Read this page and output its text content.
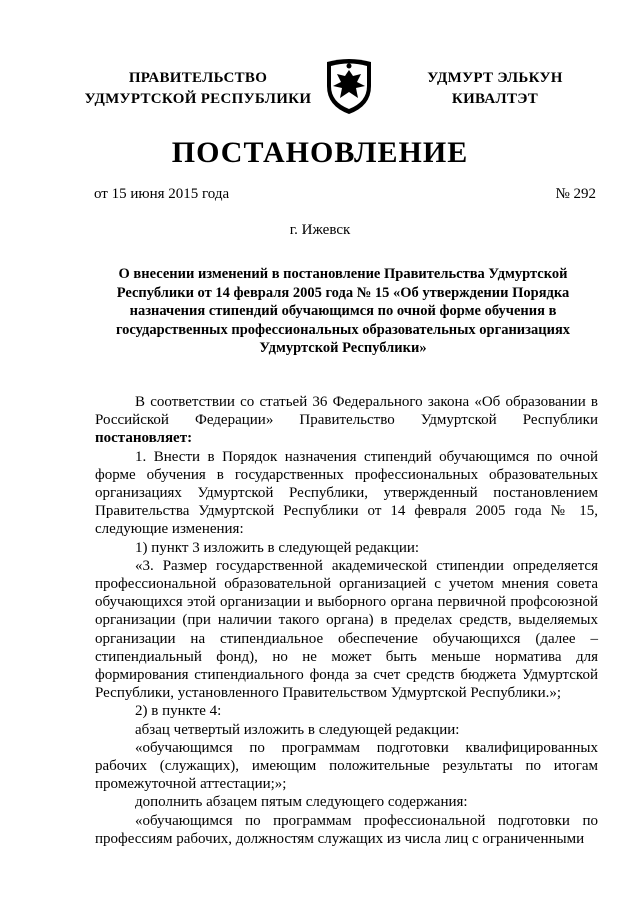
ПРАВИТЕЛЬСТВО
УДМУРТСКОЙ РЕСПУБЛИКИ
УДМУРТ ЭЛЬКУН
КИВАЛТЭТ
ПОСТАНОВЛЕНИЕ
от 15 июня 2015 года	№ 292
г. Ижевск
О внесении изменений в постановление Правительства Удмуртской Республики от 14 февраля 2005 года № 15 «Об утверждении Порядка назначения стипендий обучающимся по очной форме обучения в государственных профессиональных образовательных организациях Удмуртской Республики»

В соответствии со статьей 36 Федерального закона «Об образовании в Российской Федерации» Правительство Удмуртской Республики постановляет:

1. Внести в Порядок назначения стипендий обучающимся по очной форме обучения в государственных профессиональных образовательных организациях Удмуртской Республики, утвержденный постановлением Правительства Удмуртской Республики от 14 февраля 2005 года № 15, следующие изменения:

1) пункт 3 изложить в следующей редакции:

«3. Размер государственной академической стипендии определяется профессиональной образовательной организацией с учетом мнения совета обучающихся этой организации и выборного органа первичной профсоюзной организации (при наличии такого органа) в пределах средств, выделяемых организации на стипендиальное обеспечение обучающихся (далее – стипендиальный фонд), но не может быть меньше норматива для формирования стипендиального фонда за счет средств бюджета Удмуртской Республики, установленного Правительством Удмуртской Республики.»;

2) в пункте 4:

абзац четвертый изложить в следующей редакции:

«обучающимся по программам подготовки квалифицированных рабочих (служащих), имеющим положительные результаты по итогам промежуточной аттестации;»;

дополнить абзацем пятым следующего содержания:

«обучающимся по программам профессиональной подготовки по профессиям рабочих, должностям служащих из числа лиц с ограниченными
